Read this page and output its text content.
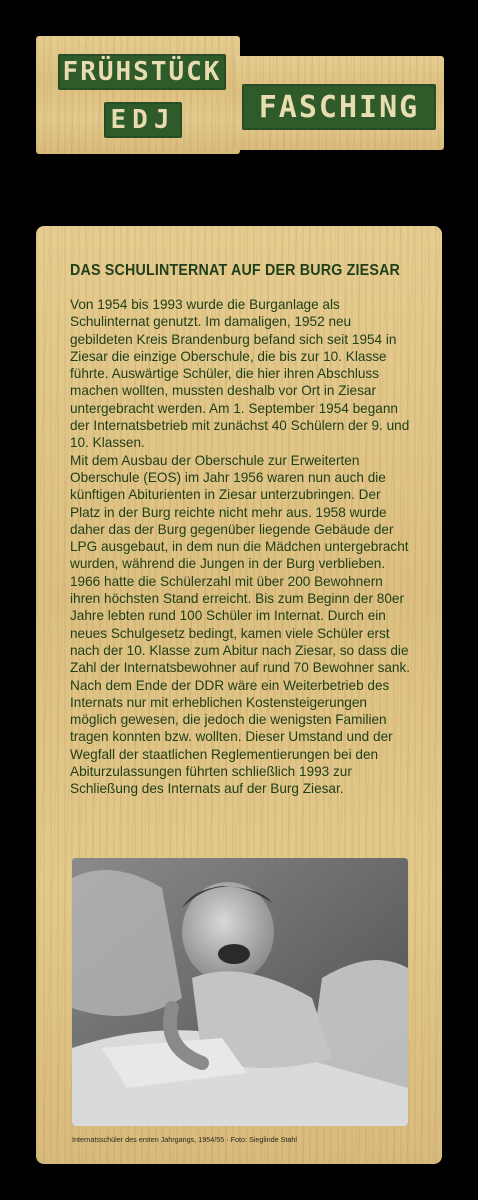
FRÜHSTÜCK
EDJ	FASCHING
DAS SCHULINTERNAT AUF DER BURG ZIESAR

Von 1954 bis 1993 wurde die Burganlage als Schulinternat genutzt. Im damaligen, 1952 neu gebildeten Kreis Brandenburg befand sich seit 1954 in Ziesar die einzige Oberschule, die bis zur 10. Klasse führte. Auswärtige Schüler, die hier ihren Abschluss machen wollten, mussten deshalb vor Ort in Ziesar untergebracht werden. Am 1. September 1954 begann der Internatsbetrieb mit zunächst 40 Schülern der 9. und 10. Klassen.

Mit dem Ausbau der Oberschule zur Erweiterten Oberschule (EOS) im Jahr 1956 waren nun auch die künftigen Abiturienten in Ziesar unterzubringen. Der Platz in der Burg reichte nicht mehr aus. 1958 wurde daher das der Burg gegenüber liegende Gebäude der LPG ausgebaut, in dem nun die Mädchen untergebracht wurden, während die Jungen in der Burg verblieben.

1966 hatte die Schülerzahl mit über 200 Bewohnern ihren höchsten Stand erreicht. Bis zum Beginn der 80er Jahre lebten rund 100 Schüler im Internat. Durch ein neues Schulgesetz bedingt, kamen viele Schüler erst nach der 10. Klasse zum Abitur nach Ziesar, so dass die Zahl der Internatsbewohner auf rund 70 Bewohner sank.

Nach dem Ende der DDR wäre ein Weiterbetrieb des Internats nur mit erheblichen Kostensteigerungen möglich gewesen, die jedoch die wenigsten Familien tragen konnten bzw. wollten. Dieser Umstand und der Wegfall der staatlichen Reglementierungen bei den Abiturzulassungen führten schließlich 1993 zur Schließung des Internats auf der Burg Ziesar.

Internatsschüler des ersten Jahrgangs, 1954/55 · Foto: Sieglinde Stahl
